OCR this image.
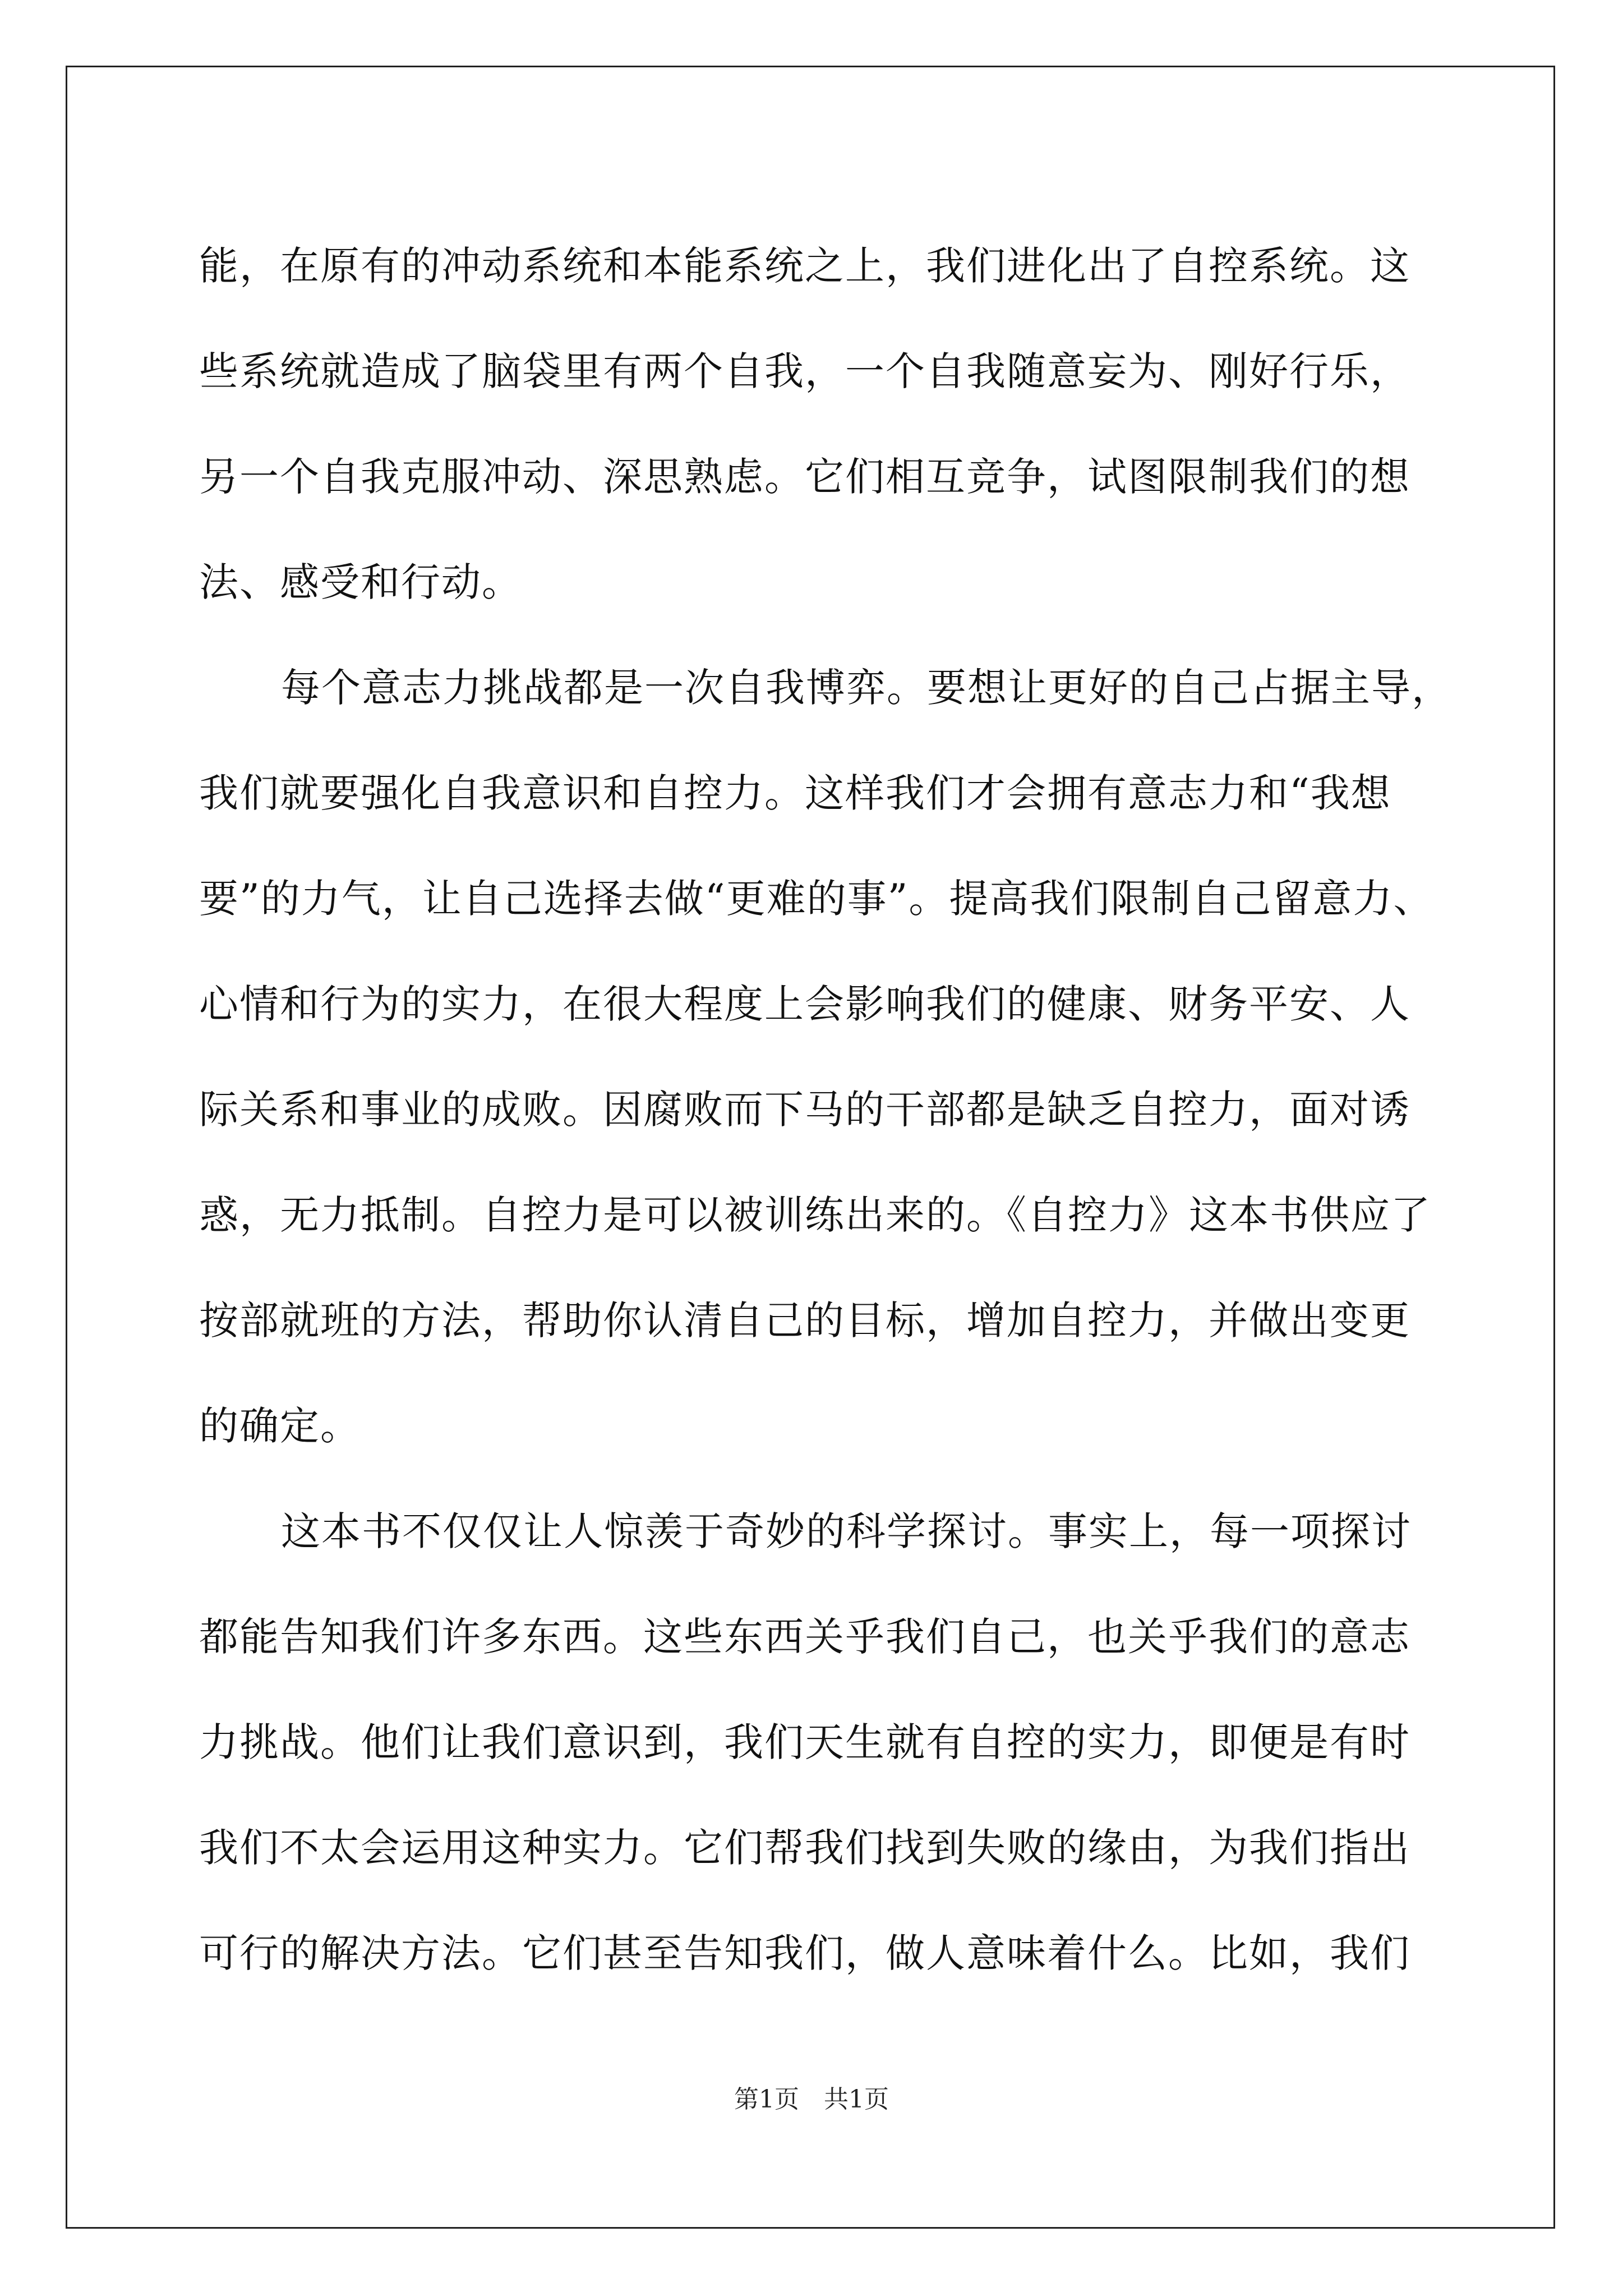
能，在原有的冲动系统和本能系统之上，我们进化出了自控系统。这
些系统就造成了脑袋里有两个自我，一个自我随意妄为、刚好行乐，
另一个自我克服冲动、深思熟虑。它们相互竞争，试图限制我们的想
法、感受和行动。
每个意志力挑战都是一次自我博弈。要想让更好的自己占据主导，
我们就要强化自我意识和自控力。这样我们才会拥有意志力和“我想
要”的力气，让自己选择去做“更难的事”。提高我们限制自己留意力、
心情和行为的实力，在很大程度上会影响我们的健康、财务平安、人
际关系和事业的成败。因腐败而下马的干部都是缺乏自控力，面对诱
惑，无力抵制。自控力是可以被训练出来的。《自控力》这本书供应了
按部就班的方法，帮助你认清自己的目标，增加自控力，并做出变更
的确定。
这本书不仅仅让人惊羡于奇妙的科学探讨。事实上，每一项探讨
都能告知我们许多东西。这些东西关乎我们自己，也关乎我们的意志
力挑战。他们让我们意识到，我们天生就有自控的实力，即便是有时
我们不太会运用这种实力。它们帮我们找到失败的缘由，为我们指出
可行的解决方法。它们甚至告知我们，做人意味着什么。比如，我们
第1页　共1页
